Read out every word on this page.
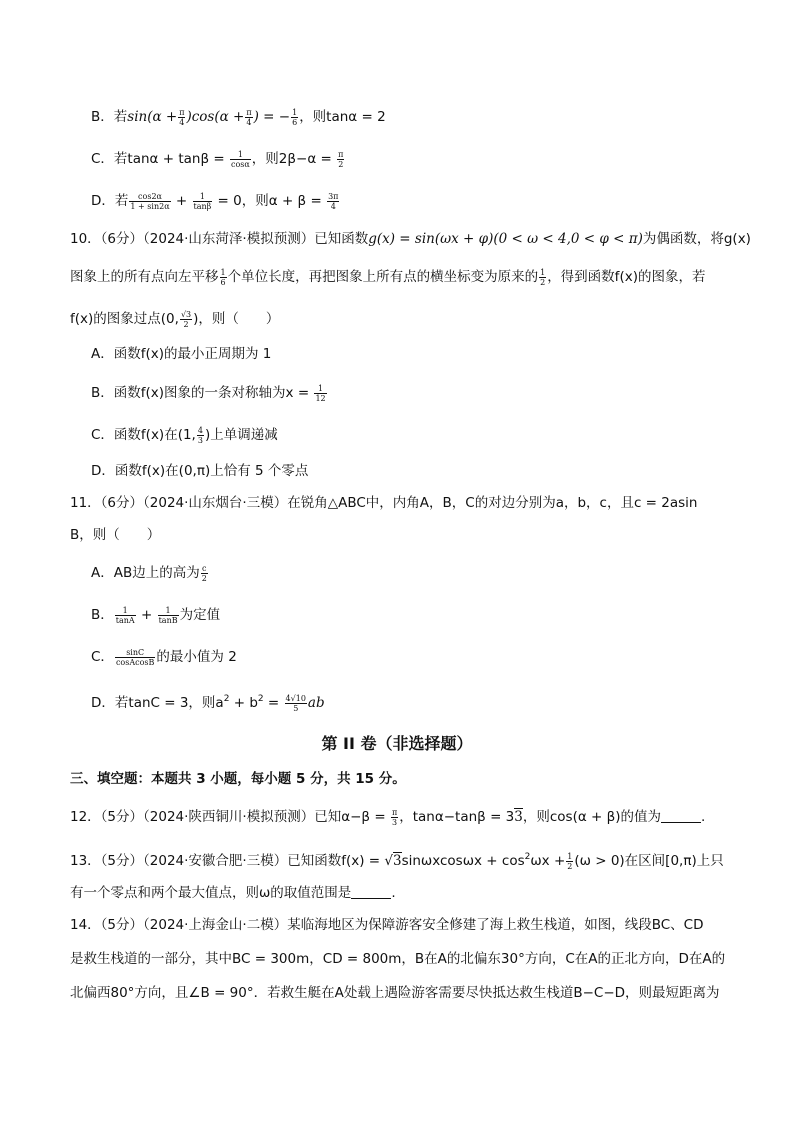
B．若$\sin(\alpha + \frac{\pi}{4} )\cos(\alpha + \frac{\pi}{4}$ ) = − $\frac{1}{6}$ ，则tanα = 2
C．若$\tan\alpha + \tan\beta = \frac{1}{\cos\alpha}$ ，则$2\beta-\alpha = \frac{\pi}{2}$
D．若 $\frac{\cos 2\alpha}{1 + \sin 2\alpha} + \frac{1}{\tan\beta} = 0$，则$\alpha + \beta = \frac{3\pi}{4}$
10．（6分）（2024·山东菏泽·模拟预测）已知函数g(x) = sin(ωx + φ)(0 < ω < 4,0 < φ < π)为偶函数，将g(x)
图象上的所有点向左平移 $\frac{1}{6}$ 个单位长度，再把图象上所有点的横坐标变为原来的 $\frac{1}{2}$ ，得到函数f(x)的图象，若
f(x)的图象过点(0, $\frac{√3}{2}$ )，则（　　）
A．函数f(x)的最小正周期为 1
B．函数f(x)图象的一条对称轴为$x = \frac{1}{12}$
C．函数f(x)在(1, $\frac{4}{3}$ )上单调递减
D．函数f(x)在(0,π)上恰有 5 个零点
11．（6分）（2024·山东烟台·三模）在锐角△ABC中，内角A，B，C的对边分别为a，b，c，且c = 2asin
B，则（　　）
A．AB边上的高为 $\frac{c}{2}$
B． $\frac{1}{\tan A} + \frac{1}{\tan B}$ 为定值
C． $\frac{\sin C}{\text{cosAcosB}}$ 的最小值为 2
D．若tanC = 3，则$a^2 + b^2 = \frac{4√10}{5}$ ab
第 II 卷（非选择题）
三、填空题：本题共 3 小题，每小题 5 分，共 15 分。
12．（5分）（2024·陕西铜川·模拟预测）已知$\alpha-\beta = \frac{\pi}{3}$ ，tanα−tanβ = 33，则cos(α + β)的值为	.
13．（5分）（2024·安徽合肥·三模）已知函数$f(x) = √3\sin\omega xcos\omega x + \cos^2\omega x + \frac{1}{2} (\omega > 0)$在区间[0,π)上只
有一个零点和两个最大值点，则ω的取值范围是	.
14．（5分）（2024·上海金山·二模）某临海地区为保障游客安全修建了海上救生栈道，如图，线段BC、CD
是救生栈道的一部分，其中BC = 300m，CD = 800m，B在A的北偏东30°方向，C在A的正北方向，D在A的
北偏西80°方向，且∠B = 90°．若救生艇在A处载上遇险游客需要尽快抵达救生栈道B−C−D，则最短距离为
